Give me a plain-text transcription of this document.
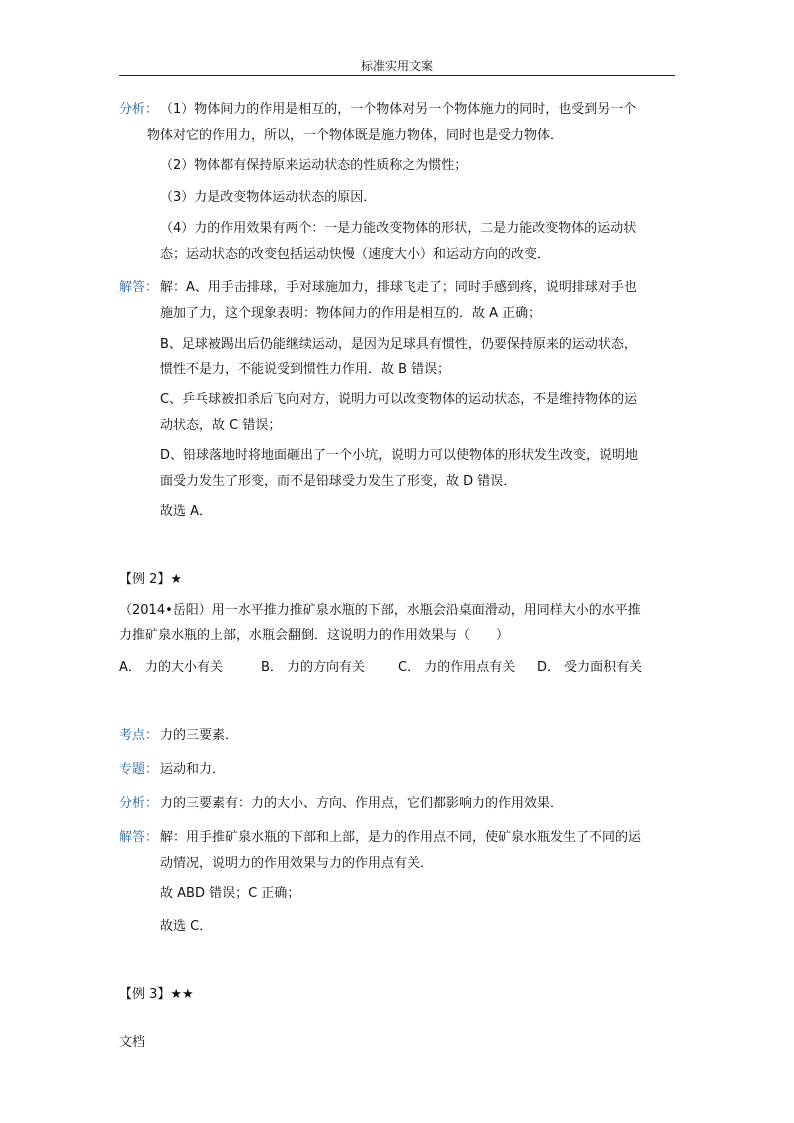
标准实用文案
分析： （1）物体间力的作用是相互的，一个物体对另一个物体施力的同时，也受到另一个
物体对它的作用力，所以，一个物体既是施力物体，同时也是受力物体．
（2）物体都有保持原来运动状态的性质称之为惯性；
（3）力是改变物体运动状态的原因．
（4）力的作用效果有两个：一是力能改变物体的形状，二是力能改变物体的运动状
态；运动状态的改变包括运动快慢（速度大小）和运动方向的改变．
解答： 解：A、用手击排球，手对球施加力，排球飞走了；同时手感到疼，说明排球对手也
施加了力，这个现象表明：物体间力的作用是相互的．故 A 正确；
B、足球被踢出后仍能继续运动，是因为足球具有惯性，仍要保持原来的运动状态，
惯性不是力，不能说受到惯性力作用．故 B 错误；
C、乒乓球被扣杀后飞向对方，说明力可以改变物体的运动状态，不是维持物体的运
动状态，故 C 错误；
D、铅球落地时将地面砸出了一个小坑，说明力可以使物体的形状发生改变，说明地
面受力发生了形变，而不是铅球受力发生了形变，故 D 错误．
故选 A．
【例 2】★
（2014•岳阳）用一水平推力推矿泉水瓶的下部，水瓶会沿桌面滑动，用同样大小的水平推
力推矿泉水瓶的上部，水瓶会翻倒．这说明力的作用效果与（　　）
A． 力的大小有关	B． 力的方向有关	C． 力的作用点有关 D． 受力面积有关
考点： 力的三要素．
专题： 运动和力．
分析： 力的三要素有：力的大小、方向、作用点，它们都影响力的作用效果．
解答： 解：用手推矿泉水瓶的下部和上部，是力的作用点不同，使矿泉水瓶发生了不同的运
动情况，说明力的作用效果与力的作用点有关．
故 ABD 错误；C 正确；
故选 C．
【例 3】★★
文档
